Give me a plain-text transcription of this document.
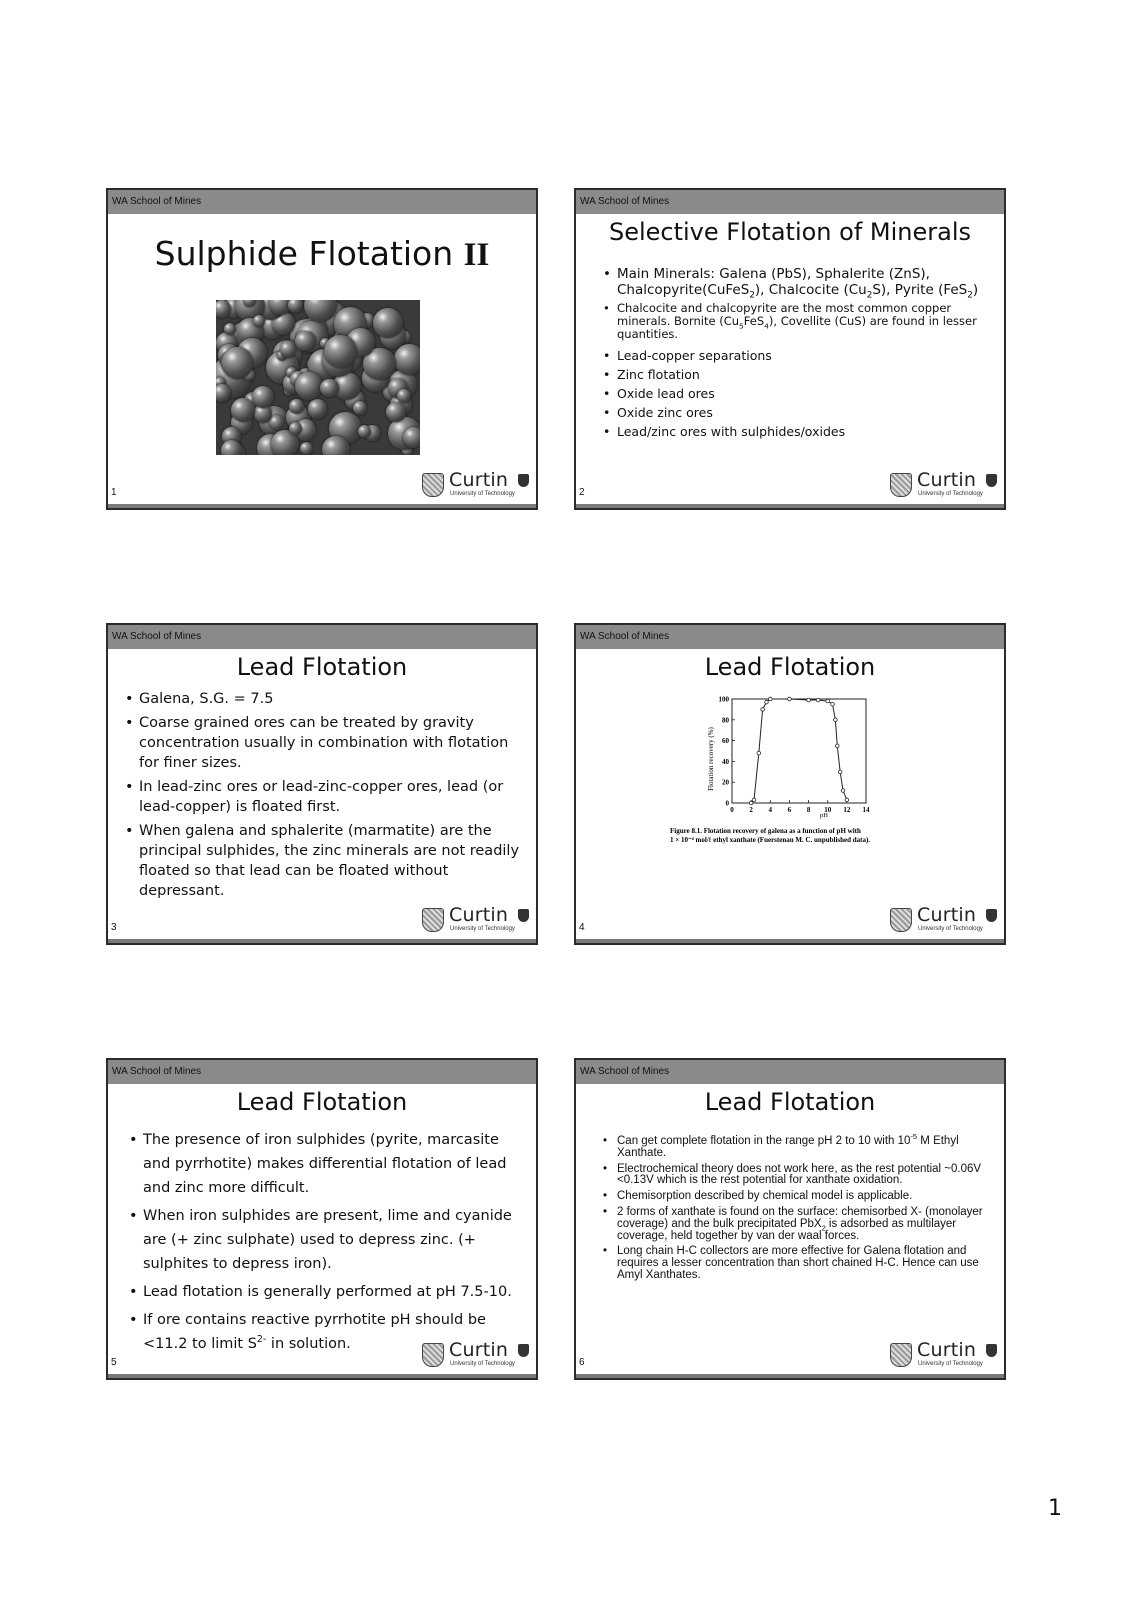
WA School of Mines
Sulphide Flotation II
1
Curtin
University of Technology
WA School of Mines
Selective Flotation of Minerals
• Main Minerals: Galena (PbS), Sphalerite (ZnS), Chalcopyrite(CuFeS$_2$), Chalcocite $(Cu_2S)$, Pyrite (FeS$_2$)
• Chalcocite and chalcopyrite are the most common copper minerals. Bornite $(Cu_5FeS_4)$, Covellite (CuS) are found in lesser quantities.
• Lead-copper separations
• Zinc flotation
• Oxide lead ores
• Oxide zinc ores
• Lead/zinc ores with sulphides/oxides
2
Curtin
University of Technology
WA School of Mines
Lead Flotation
• Galena, S.G. = 7.5
• Coarse grained ores can be treated by gravity concentration usually in combination with flotation for finer sizes.
• In lead-zinc ores or lead-zinc-copper ores, lead (or lead-copper) is floated first.
• When galena and sphalerite (marmatite) are the principal sulphides, the zinc minerals are not readily floated so that lead can be floated without depressant.
3
Curtin
University of Technology
WA School of Mines
Lead Flotation
Flotation recovery (%)
pH
Figure 8.1. Flotation recovery of galena as a function of pH with
1 × 10⁻⁴ mol/ℓ ethyl xanthate (Fuerstenau M. C. unpublished data).
0 2 4 6 8 10 12 14
0
20
40
60
80
100
4
Curtin
University of Technology
WA School of Mines
Lead Flotation
• The presence of iron sulphides (pyrite, marcasite and pyrrhotite) makes differential flotation of lead and zinc more difficult.
• When iron sulphides are present, lime and cyanide are (+ zinc sulphate) used to depress zinc. (+ sulphites to depress iron).
• Lead flotation is generally performed at pH 7.5-10.
• If ore contains reactive pyrrhotite pH should be <11.2 to limit $S^{2-}$ in solution.
5
Curtin
University of Technology
WA School of Mines
Lead Flotation
• Can get complete flotation in the range pH 2 to 10 with $10^{-5}$ M Ethyl Xanthate.
• Electrochemical theory does not work here, as the rest potential ~0.06V <0.13V which is the rest potential for xanthate oxidation.
• Chemisorption described by chemical model is applicable.
• 2 forms of xanthate is found on the surface: chemisorbed X- (monolayer coverage) and the bulk precipitated PbX$_2$ is adsorbed as multilayer coverage, held together by van der waal forces.
• Long chain H-C collectors are more effective for Galena flotation and requires a lesser concentration than short chained H-C. Hence can use Amyl Xanthates.
6
Curtin
University of Technology
1
